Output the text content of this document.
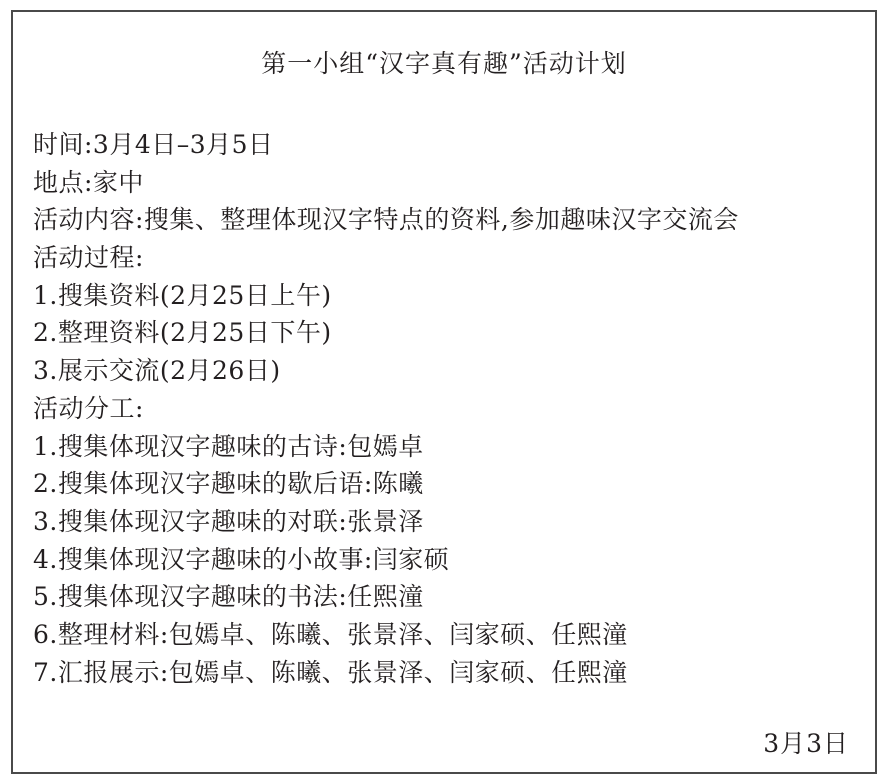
第一小组“汉字真有趣”活动计划
时间:3月4日–3月5日
地点:家中
活动内容:搜集、整理体现汉字特点的资料,参加趣味汉字交流会
活动过程:
1.搜集资料(2月25日上午)
2.整理资料(2月25日下午)
3.展示交流(2月26日)
活动分工:
1.搜集体现汉字趣味的古诗:包嫣卓
2.搜集体现汉字趣味的歇后语:陈曦
3.搜集体现汉字趣味的对联:张景泽
4.搜集体现汉字趣味的小故事:闫家硕
5.搜集体现汉字趣味的书法:任熙潼
6.整理材料:包嫣卓、陈曦、张景泽、闫家硕、任熙潼
7.汇报展示:包嫣卓、陈曦、张景泽、闫家硕、任熙潼
3月3日
